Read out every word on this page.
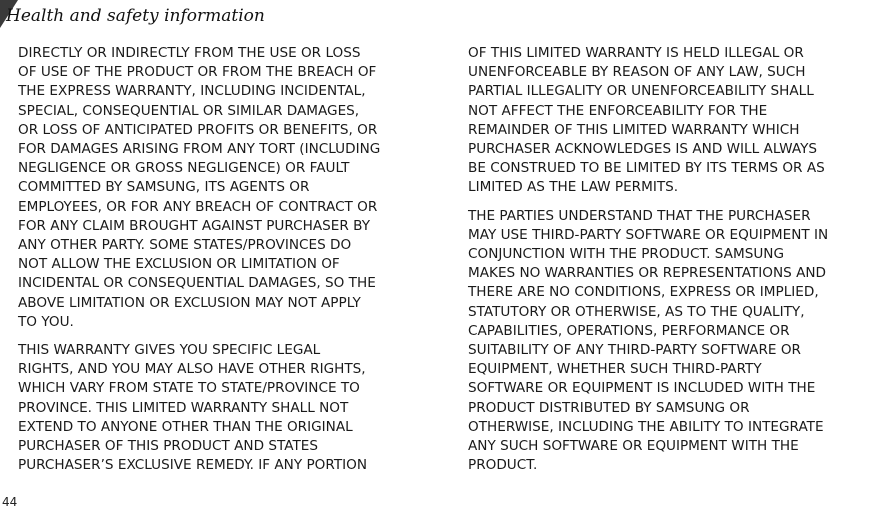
Health and safety information

DIRECTLY OR INDIRECTLY FROM THE USE OR LOSS
OF USE OF THE PRODUCT OR FROM THE BREACH OF
THE EXPRESS WARRANTY, INCLUDING INCIDENTAL,
SPECIAL, CONSEQUENTIAL OR SIMILAR DAMAGES,
OR LOSS OF ANTICIPATED PROFITS OR BENEFITS, OR
FOR DAMAGES ARISING FROM ANY TORT (INCLUDING
NEGLIGENCE OR GROSS NEGLIGENCE) OR FAULT
COMMITTED BY SAMSUNG, ITS AGENTS OR
EMPLOYEES, OR FOR ANY BREACH OF CONTRACT OR
FOR ANY CLAIM BROUGHT AGAINST PURCHASER BY
ANY OTHER PARTY. SOME STATES/PROVINCES DO
NOT ALLOW THE EXCLUSION OR LIMITATION OF
INCIDENTAL OR CONSEQUENTIAL DAMAGES, SO THE
ABOVE LIMITATION OR EXCLUSION MAY NOT APPLY
TO YOU.

THIS WARRANTY GIVES YOU SPECIFIC LEGAL
RIGHTS, AND YOU MAY ALSO HAVE OTHER RIGHTS,
WHICH VARY FROM STATE TO STATE/PROVINCE TO
PROVINCE. THIS LIMITED WARRANTY SHALL NOT
EXTEND TO ANYONE OTHER THAN THE ORIGINAL
PURCHASER OF THIS PRODUCT AND STATES
PURCHASER’S EXCLUSIVE REMEDY. IF ANY PORTION

OF THIS LIMITED WARRANTY IS HELD ILLEGAL OR
UNENFORCEABLE BY REASON OF ANY LAW, SUCH
PARTIAL ILLEGALITY OR UNENFORCEABILITY SHALL
NOT AFFECT THE ENFORCEABILITY FOR THE
REMAINDER OF THIS LIMITED WARRANTY WHICH
PURCHASER ACKNOWLEDGES IS AND WILL ALWAYS
BE CONSTRUED TO BE LIMITED BY ITS TERMS OR AS
LIMITED AS THE LAW PERMITS.

THE PARTIES UNDERSTAND THAT THE PURCHASER
MAY USE THIRD-PARTY SOFTWARE OR EQUIPMENT IN
CONJUNCTION WITH THE PRODUCT. SAMSUNG
MAKES NO WARRANTIES OR REPRESENTATIONS AND
THERE ARE NO CONDITIONS, EXPRESS OR IMPLIED,
STATUTORY OR OTHERWISE, AS TO THE QUALITY,
CAPABILITIES, OPERATIONS, PERFORMANCE OR
SUITABILITY OF ANY THIRD-PARTY SOFTWARE OR
EQUIPMENT, WHETHER SUCH THIRD-PARTY
SOFTWARE OR EQUIPMENT IS INCLUDED WITH THE
PRODUCT DISTRIBUTED BY SAMSUNG OR
OTHERWISE, INCLUDING THE ABILITY TO INTEGRATE
ANY SUCH SOFTWARE OR EQUIPMENT WITH THE
PRODUCT.

44
